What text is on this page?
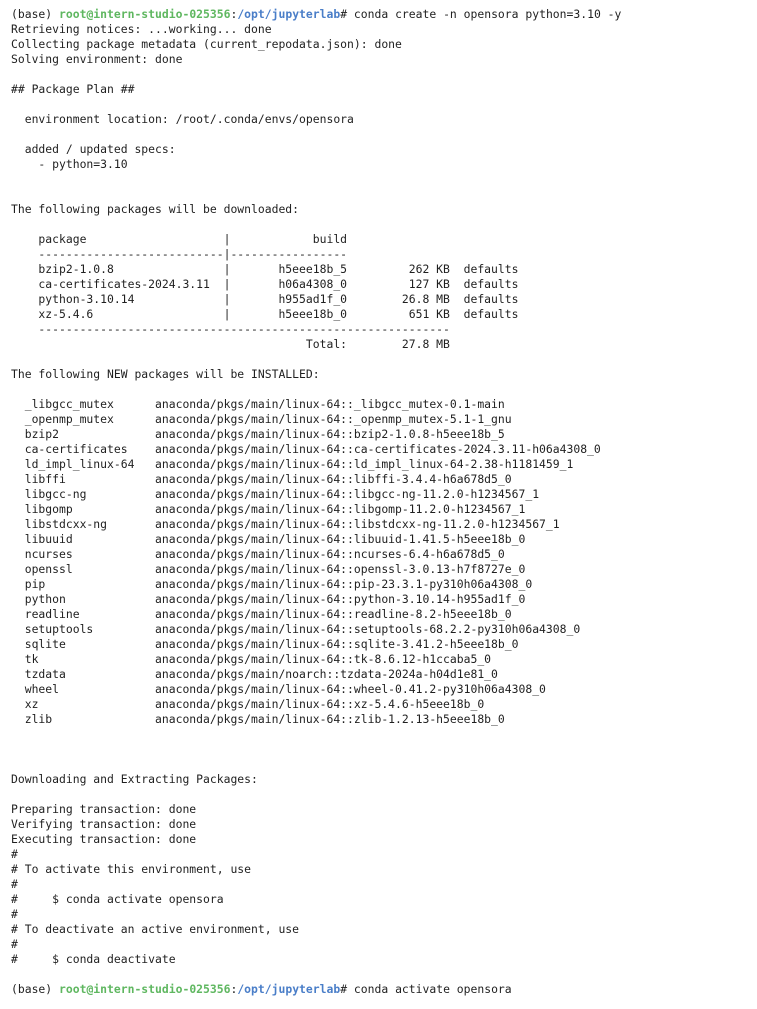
(base) root@intern-studio-025356:/opt/jupyterlab# conda create -n opensora python=3.10 -y
Retrieving notices: ...working... done
Collecting package metadata (current_repodata.json): done
Solving environment: done
## Package Plan ##
environment location: /root/.conda/envs/opensora
added / updated specs:
- python=3.10
The following packages will be downloaded:
package                    |            build
---------------------------|-----------------
bzip2-1.0.8                |       h5eee18b_5         262 KB  defaults
ca-certificates-2024.3.11  |       h06a4308_0         127 KB  defaults
python-3.10.14             |       h955ad1f_0        26.8 MB  defaults
xz-5.4.6                   |       h5eee18b_0         651 KB  defaults
------------------------------------------------------------
Total:        27.8 MB
The following NEW packages will be INSTALLED:
_libgcc_mutex      anaconda/pkgs/main/linux-64::_libgcc_mutex-0.1-main
_openmp_mutex      anaconda/pkgs/main/linux-64::_openmp_mutex-5.1-1_gnu
bzip2              anaconda/pkgs/main/linux-64::bzip2-1.0.8-h5eee18b_5
ca-certificates    anaconda/pkgs/main/linux-64::ca-certificates-2024.3.11-h06a4308_0
ld_impl_linux-64   anaconda/pkgs/main/linux-64::ld_impl_linux-64-2.38-h1181459_1
libffi             anaconda/pkgs/main/linux-64::libffi-3.4.4-h6a678d5_0
libgcc-ng          anaconda/pkgs/main/linux-64::libgcc-ng-11.2.0-h1234567_1
libgomp            anaconda/pkgs/main/linux-64::libgomp-11.2.0-h1234567_1
libstdcxx-ng       anaconda/pkgs/main/linux-64::libstdcxx-ng-11.2.0-h1234567_1
libuuid            anaconda/pkgs/main/linux-64::libuuid-1.41.5-h5eee18b_0
ncurses            anaconda/pkgs/main/linux-64::ncurses-6.4-h6a678d5_0
openssl            anaconda/pkgs/main/linux-64::openssl-3.0.13-h7f8727e_0
pip                anaconda/pkgs/main/linux-64::pip-23.3.1-py310h06a4308_0
python             anaconda/pkgs/main/linux-64::python-3.10.14-h955ad1f_0
readline           anaconda/pkgs/main/linux-64::readline-8.2-h5eee18b_0
setuptools         anaconda/pkgs/main/linux-64::setuptools-68.2.2-py310h06a4308_0
sqlite             anaconda/pkgs/main/linux-64::sqlite-3.41.2-h5eee18b_0
tk                 anaconda/pkgs/main/linux-64::tk-8.6.12-h1ccaba5_0
tzdata             anaconda/pkgs/main/noarch::tzdata-2024a-h04d1e81_0
wheel              anaconda/pkgs/main/linux-64::wheel-0.41.2-py310h06a4308_0
xz                 anaconda/pkgs/main/linux-64::xz-5.4.6-h5eee18b_0
zlib               anaconda/pkgs/main/linux-64::zlib-1.2.13-h5eee18b_0
Downloading and Extracting Packages:
Preparing transaction: done
Verifying transaction: done
Executing transaction: done
#
# To activate this environment, use
#
#     $ conda activate opensora
#
# To deactivate an active environment, use
#
#     $ conda deactivate
(base) root@intern-studio-025356:/opt/jupyterlab# conda activate opensora
